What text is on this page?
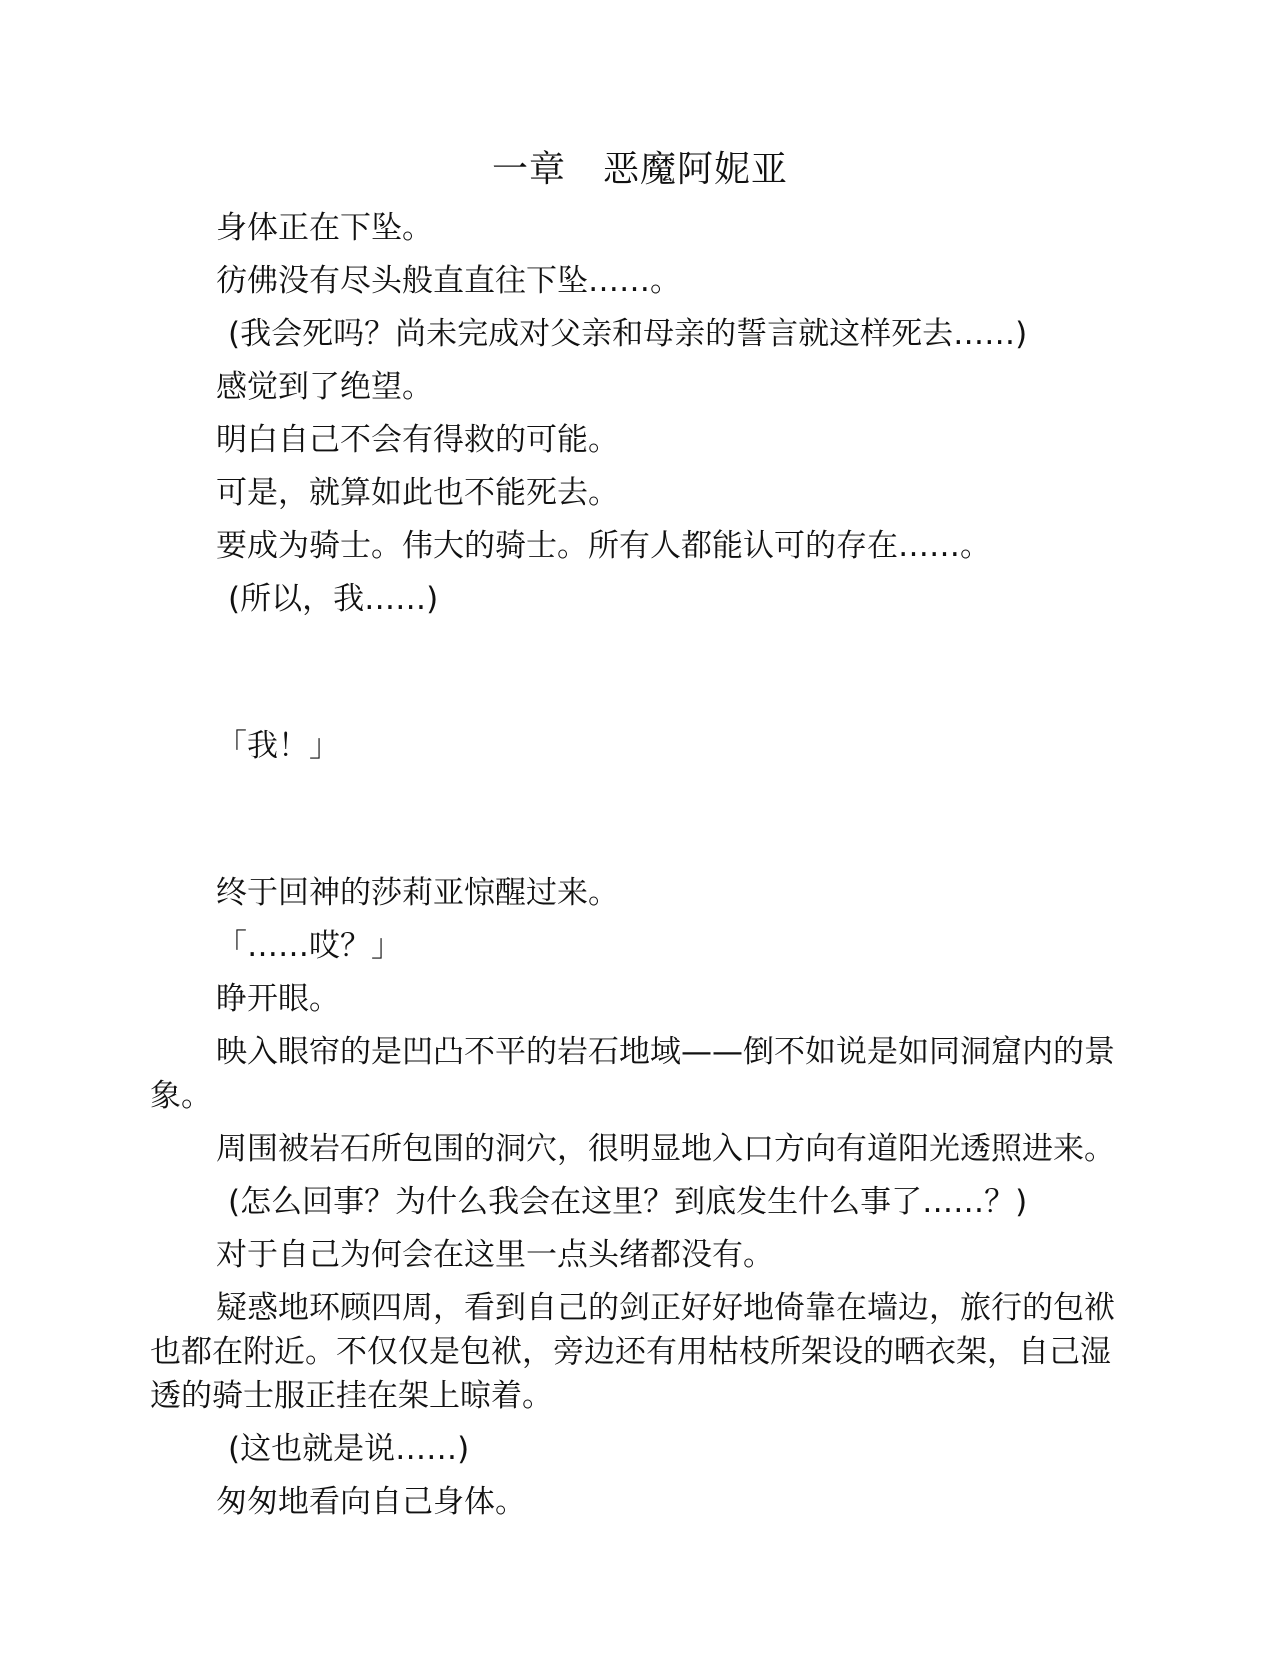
一章　恶魔阿妮亚

身体正在下坠。

彷佛没有尽头般直直往下坠……。

(我会死吗？尚未完成对父亲和母亲的誓言就这样死去……)

感觉到了绝望。

明白自己不会有得救的可能。

可是，就算如此也不能死去。

要成为骑士。伟大的骑士。所有人都能认可的存在……。

(所以，我……)

「我！」

终于回神的莎莉亚惊醒过来。

「……哎？」

睁开眼。

映入眼帘的是凹凸不平的岩石地域——倒不如说是如同洞窟内的景象。

周围被岩石所包围的洞穴，很明显地入口方向有道阳光透照进来。

(怎么回事？为什么我会在这里？到底发生什么事了……？)

对于自己为何会在这里一点头绪都没有。

疑惑地环顾四周，看到自己的剑正好好地倚靠在墙边，旅行的包袱也都在附近。不仅仅是包袱，旁边还有用枯枝所架设的晒衣架，自己湿透的骑士服正挂在架上晾着。

(这也就是说……)

匆匆地看向自己身体。
